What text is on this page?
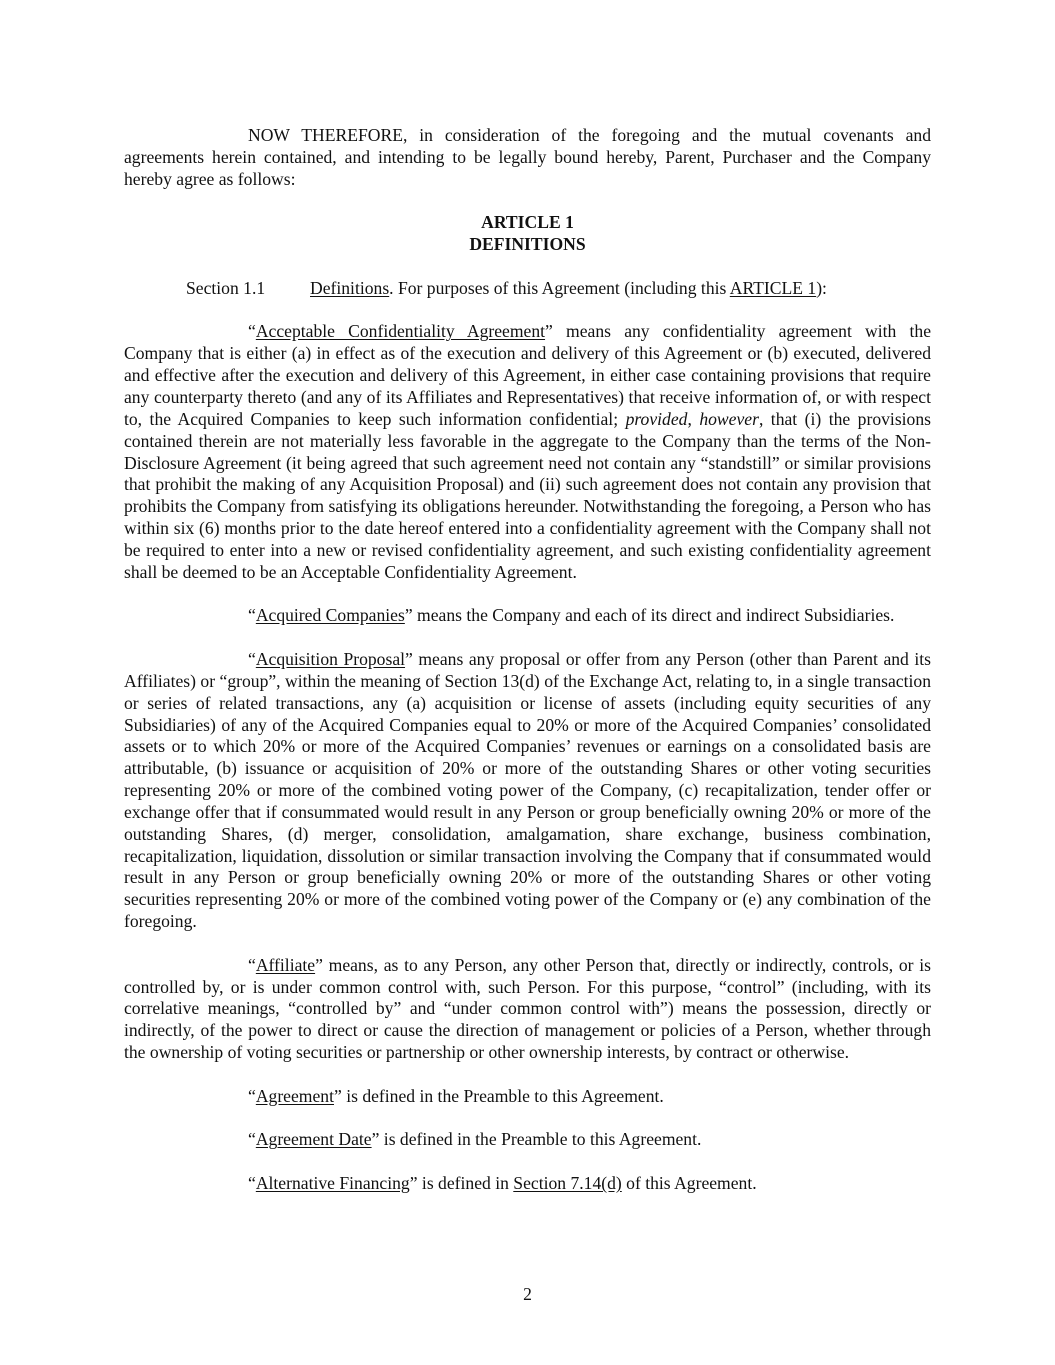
NOW THEREFORE, in consideration of the foregoing and the mutual covenants and agreements herein contained, and intending to be legally bound hereby, Parent, Purchaser and the Company hereby agree as follows:

ARTICLE 1

DEFINITIONS

Section 1.1	Definitions. For purposes of this Agreement (including this ARTICLE 1):

“Acceptable Confidentiality Agreement” means any confidentiality agreement with the Company that is either (a) in effect as of the execution and delivery of this Agreement or (b) executed, delivered and effective after the execution and delivery of this Agreement, in either case containing provisions that require any counterparty thereto (and any of its Affiliates and Representatives) that receive information of, or with respect to, the Acquired Companies to keep such information confidential; provided, however, that (i) the provisions contained therein are not materially less favorable in the aggregate to the Company than the terms of the Non-Disclosure Agreement (it being agreed that such agreement need not contain any “standstill” or similar provisions that prohibit the making of any Acquisition Proposal) and (ii) such agreement does not contain any provision that prohibits the Company from satisfying its obligations hereunder. Notwithstanding the foregoing, a Person who has within six (6) months prior to the date hereof entered into a confidentiality agreement with the Company shall not be required to enter into a new or revised confidentiality agreement, and such existing confidentiality agreement shall be deemed to be an Acceptable Confidentiality Agreement.

“Acquired Companies” means the Company and each of its direct and indirect Subsidiaries.

“Acquisition Proposal” means any proposal or offer from any Person (other than Parent and its Affiliates) or “group”, within the meaning of Section 13(d) of the Exchange Act, relating to, in a single transaction or series of related transactions, any (a) acquisition or license of assets (including equity securities of any Subsidiaries) of any of the Acquired Companies equal to 20% or more of the Acquired Companies’ consolidated assets or to which 20% or more of the Acquired Companies’ revenues or earnings on a consolidated basis are attributable, (b) issuance or acquisition of 20% or more of the outstanding Shares or other voting securities representing 20% or more of the combined voting power of the Company, (c) recapitalization, tender offer or exchange offer that if consummated would result in any Person or group beneficially owning 20% or more of the outstanding Shares, (d) merger, consolidation, amalgamation, share exchange, business combination, recapitalization, liquidation, dissolution or similar transaction involving the Company that if consummated would result in any Person or group beneficially owning 20% or more of the outstanding Shares or other voting securities representing 20% or more of the combined voting power of the Company or (e) any combination of the foregoing.

“Affiliate” means, as to any Person, any other Person that, directly or indirectly, controls, or is controlled by, or is under common control with, such Person. For this purpose, “control” (including, with its correlative meanings, “controlled by” and “under common control with”) means the possession, directly or indirectly, of the power to direct or cause the direction of management or policies of a Person, whether through the ownership of voting securities or partnership or other ownership interests, by contract or otherwise.

“Agreement” is defined in the Preamble to this Agreement.

“Agreement Date” is defined in the Preamble to this Agreement.

“Alternative Financing” is defined in Section 7.14(d) of this Agreement.

2
